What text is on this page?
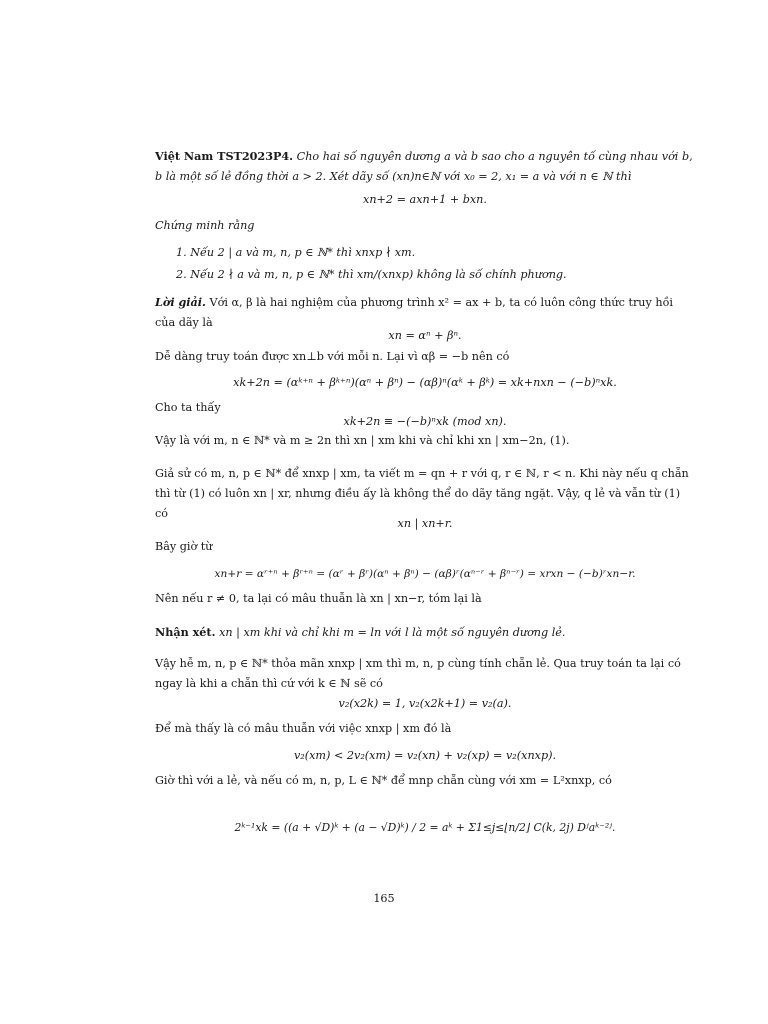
Việt Nam TST2023P4. Cho hai số nguyên dương a và b sao cho a nguyên tố cùng nhau với b, b là một số lẻ đồng thời a > 2. Xét dãy số (xn)n∈ℕ với x₀ = 2, x₁ = a và với n ∈ ℕ thì

xn+2 = axn+1 + bxn.

Chứng minh rằng

1. Nếu 2 | a và m, n, p ∈ ℕ* thì xnxp ∤ xm.
2. Nếu 2 ∤ a và m, n, p ∈ ℕ* thì xm/(xnxp) không là số chính phương.

Lời giải. Với α, β là hai nghiệm của phương trình x² = ax + b, ta có luôn công thức truy hồi của dãy là

xn = αⁿ + βⁿ.

Dễ dàng truy toán được xn⊥b với mỗi n. Lại vì αβ = −b nên có

xk+2n = (αᵏ⁺ⁿ + βᵏ⁺ⁿ)(αⁿ + βⁿ) − (αβ)ⁿ(αᵏ + βᵏ) = xk+nxn − (−b)ⁿxk.

Cho ta thấy

xk+2n ≡ −(−b)ⁿxk (mod xn).

Vậy là với m, n ∈ ℕ* và m ≥ 2n thì xn | xm khi và chỉ khi xn | xm−2n, (1).

Giả sử có m, n, p ∈ ℕ* để xnxp | xm, ta viết m = qn + r với q, r ∈ ℕ, r < n. Khi này nếu q chẵn thì từ (1) có luôn xn | xr, nhưng điều ấy là không thể do dãy tăng ngặt. Vậy, q lẻ và vẫn từ (1) có

xn | xn+r.

Bây giờ từ

xn+r = αʳ⁺ⁿ + βʳ⁺ⁿ = (αʳ + βʳ)(αⁿ + βⁿ) − (αβ)ʳ(αⁿ⁻ʳ + βⁿ⁻ʳ) = xrxn − (−b)ʳxn−r.

Nên nếu r ≠ 0, ta lại có mâu thuẫn là xn | xn−r, tóm lại là

Nhận xét. xn | xm khi và chỉ khi m = ln với l là một số nguyên dương lẻ.

Vậy hễ m, n, p ∈ ℕ* thỏa mãn xnxp | xm thì m, n, p cùng tính chẵn lẻ. Qua truy toán ta lại có ngay là khi a chẵn thì cứ với k ∈ ℕ sẽ có

v₂(x2k) = 1, v₂(x2k+1) = v₂(a).

Để mà thấy là có mâu thuẫn với việc xnxp | xm đó là

v₂(xm) < 2v₂(xm) = v₂(xn) + v₂(xp) = v₂(xnxp).

Giờ thì với a lẻ, và nếu có m, n, p, L ∈ ℕ* để mnp chẵn cùng với xm = L²xnxp, có

2ᵏ⁻¹xk = ((a + √D)ᵏ + (a − √D)ᵏ) / 2 = aᵏ + Σ1≤j≤⌊n/2⌋ C(k, 2j) Dʲaᵏ⁻²ʲ.
165
